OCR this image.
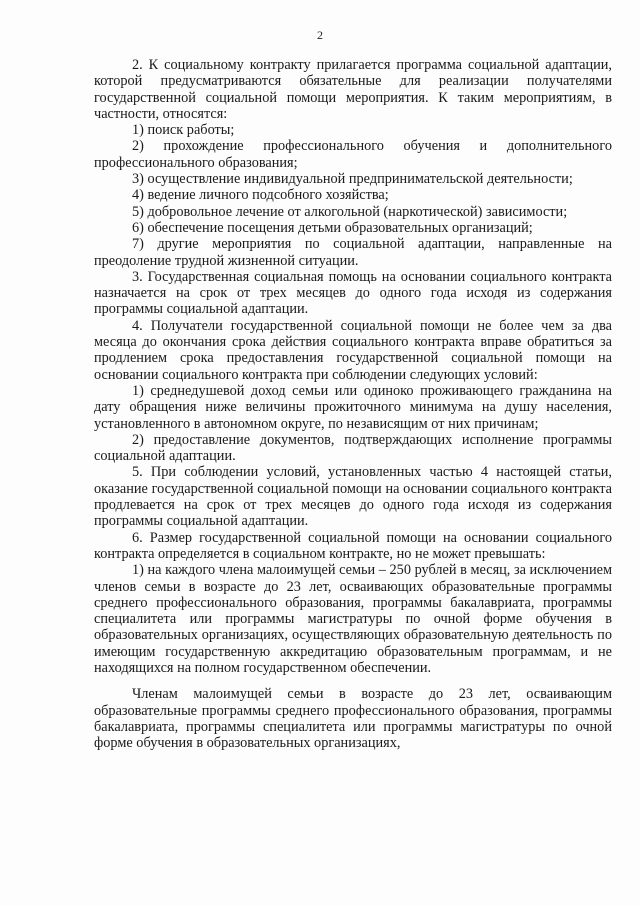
2

2. К социальному контракту прилагается программа социальной адаптации, которой предусматриваются обязательные для реализации получателями государственной социальной помощи мероприятия. К таким мероприятиям, в частности, относятся:

1) поиск работы;

2) прохождение профессионального обучения и дополнительного профессионального образования;

3) осуществление индивидуальной предпринимательской деятельности;

4) ведение личного подсобного хозяйства;

5) добровольное лечение от алкогольной (наркотической) зависимости;

6) обеспечение посещения детьми образовательных организаций;

7) другие мероприятия по социальной адаптации, направленные на преодоление трудной жизненной ситуации.

3. Государственная социальная помощь на основании социального контракта назначается на срок от трех месяцев до одного года исходя из содержания программы социальной адаптации.

4. Получатели государственной социальной помощи не более чем за два месяца до окончания срока действия социального контракта вправе обратиться за продлением срока предоставления государственной социальной помощи на основании социального контракта при соблюдении следующих условий:

1) среднедушевой доход семьи или одиноко проживающего гражданина на дату обращения ниже величины прожиточного минимума на душу населения, установленного в автономном округе, по независящим от них причинам;

2) предоставление документов, подтверждающих исполнение программы социальной адаптации.

5. При соблюдении условий, установленных частью 4 настоящей статьи, оказание государственной социальной помощи на основании социального контракта продлевается на срок от трех месяцев до одного года исходя из содержания программы социальной адаптации.

6. Размер государственной социальной помощи на основании социального контракта определяется в социальном контракте, но не может превышать:

1) на каждого члена малоимущей семьи – 250 рублей в месяц, за исключением членов семьи в возрасте до 23 лет, осваивающих образовательные программы среднего профессионального образования, программы бакалавриата, программы специалитета или программы магистратуры по очной форме обучения в образовательных организациях, осуществляющих образовательную деятельность по имеющим государственную аккредитацию образовательным программам, и не находящихся на полном государственном обеспечении.

Членам малоимущей семьи в возрасте до 23 лет, осваивающим образовательные программы среднего профессионального образования, программы бакалавриата, программы специалитета или программы магистратуры по очной форме обучения в образовательных организациях,
